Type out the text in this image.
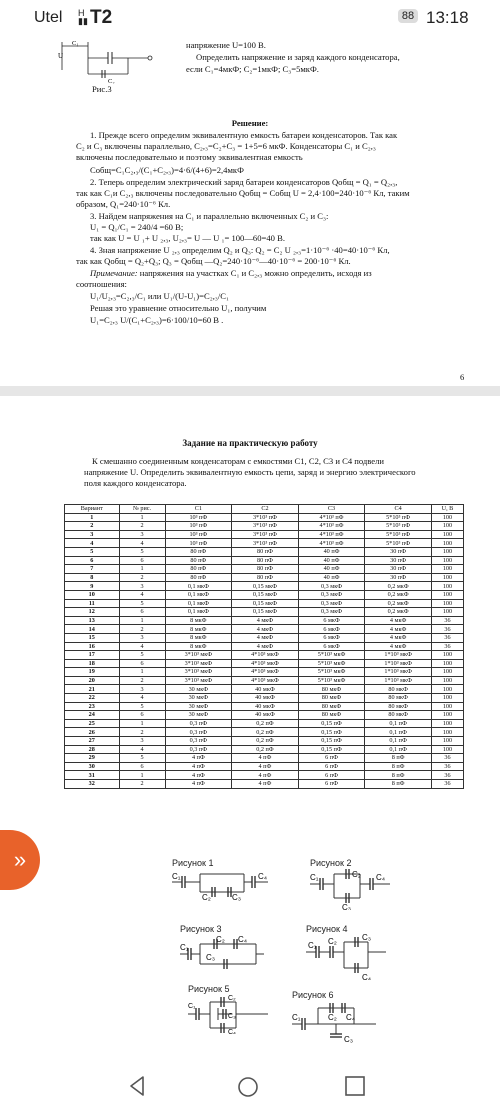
Utel H
▮▮ T2	88 13:18
U
C₁
C₂
напряжение U=100 В.
Определить напряжение и заряд каждого конденсатора,
если C₁=4мкФ; C₂=1мкФ; C₃=5мкФ.
Рис.3
Решение:
1. Прежде всего определим эквивалентную емкость батареи конденсаторов. Так как
C₂ и C₃ включены параллельно, C₂,₃=C₂+C₃ = 1+5=6 мкФ. Конденсаторы C₁ и C₂,₃
включены последовательно и поэтому эквивалентная емкость
Cобщ=C₁C₂,₃/(C₁+C₂,₃)=4·6/(4+6)=2,4мкФ
2. Теперь определим электрический заряд батареи конденсаторов Qобщ = Q₁ = Q₂,₃,
так как C₁и C₂,₃ включены последовательно Qобщ = Cобщ U = 2,4·100=240·10⁻⁶ Кл, таким
образом, Q₁=240·10⁻⁶ Кл.
3. Найдем напряжения на C₁ и параллельно включенных C₂ и C₃:
U₁ = Q₁/C₁ = 240/4 =60 В;
так как U = U ₁+ U ₂,₃, U₂,₃= U — U ₁= 100—60=40 В.
4. Зная напряжение U ₂,₃ определим Q₂ и Q₃: Q₂ = C₂ U ₂,₃=1·10⁻⁶ ·40=40·10⁻⁶ Кл,
так как Qобщ = Q₂+Q₃; Q₃ = Qобщ —Q₂=240·10⁻⁶—40·10⁻⁶ = 200·10⁻⁶ Кл.
Примечание: напряжения на участках C₁ и C₂,₃ можно определить, исходя из
соотношения:
U₁/U₂,₃=C₂,₃/C₁ или U₁/(U-U₁)=C₂,₃/C₁
Решая это уравнение относительно U₁, получим
U₁=C₂,₃ U/(C₁+C₂,₃)=6·100/10=60 В .
6
Задание на практическую работу
К смешанно соединенным конденсаторам с емкостями C1, C2, C3 и C4 подвели
напряжение U. Определить эквивалентную емкость цепи, заряд и энергию электрического
поля каждого конденсатора.
Вариант	№ рис.	C1	C2	C3	C4	U, B
1	1	10³ пФ	3*10³ пФ	4*10³ пФ	5*10³ пФ	100
2	2	10³ пФ	3*10³ пФ	4*10³ пФ	5*10³ пФ	100
3	3	10³ пФ	3*10³ пФ	4*10³ пФ	5*10³ пФ	100
4	4	10³ пФ	3*10³ пФ	4*10³ пФ	5*10³ пФ	100
5	5	80 пФ	80 пФ	40 пФ	30 пФ	100
6	6	80 пФ	80 пФ	40 пФ	30 пФ	100
7	1	80 пФ	80 пФ	40 пФ	30 пФ	100
8	2	80 пФ	80 пФ	40 пФ	30 пФ	100
9	3	0,1 мкФ	0,15 мкФ	0,3 мкФ	0,2 мкФ	100
10	4	0,1 мкФ	0,15 мкФ	0,3 мкФ	0,2 мкФ	100
11	5	0,1 мкФ	0,15 мкФ	0,3 мкФ	0,2 мкФ	100
12	6	0,1 мкФ	0,15 мкФ	0,3 мкФ	0,2 мкФ	100
13	1	8 мкФ	4 мкФ	6 мкФ	4 мкФ	36
14	2	8 мкФ	4 мкФ	6 мкФ	4 мкФ	36
15	3	8 мкФ	4 мкФ	6 мкФ	4 мкФ	36
16	4	8 мкФ	4 мкФ	6 мкФ	4 мкФ	36
17	5	3*10³ мкФ	4*10³ мкФ	5*10³ мкФ	1*10³ мкФ	100
18	6	3*10³ мкФ	4*10³ мкФ	5*10³ мкФ	1*10³ мкФ	100
19	1	3*10³ мкФ	4*10³ мкФ	5*10³ мкФ	1*10³ мкФ	100
20	2	3*10³ мкФ	4*10³ мкФ	5*10³ мкФ	1*10³ мкФ	100
21	3	30 мкФ	40 мкФ	80 мкФ	80 мкФ	100
22	4	30 мкФ	40 мкФ	80 мкФ	80 мкФ	100
23	5	30 мкФ	40 мкФ	80 мкФ	80 мкФ	100
24	6	30 мкФ	40 мкФ	80 мкФ	80 мкФ	100
25	1	0,3 пФ	0,2 пФ	0,15 пФ	0,1 пФ	100
26	2	0,3 пФ	0,2 пФ	0,15 пФ	0,1 пФ	100
27	3	0,3 пФ	0,2 пФ	0,15 пФ	0,1 пФ	100
28	4	0,3 пФ	0,2 пФ	0,15 пФ	0,1 пФ	100
29	5	4 пФ	4 пФ	6 пФ	8 пФ	36
30	6	4 пФ	4 пФ	6 пФ	8 пФ	36
31	1	4 пФ	4 пФ	6 пФ	8 пФ	36
32	2	4 пФ	4 пФ	6 пФ	8 пФ	36
Рисунок 1
C₁
C₂	C₃
C₄
Рисунок 2
C₁	C₂
C₃
C₄
Рисунок 3
C₁
C₂
C₃
C₄
Рисунок 4
C₁ C₂	C₃
C₄
Рисунок 5
C₁
C₂
C₃
C₄
Рисунок 6
C₁	C₂ C₄
C₃
»
